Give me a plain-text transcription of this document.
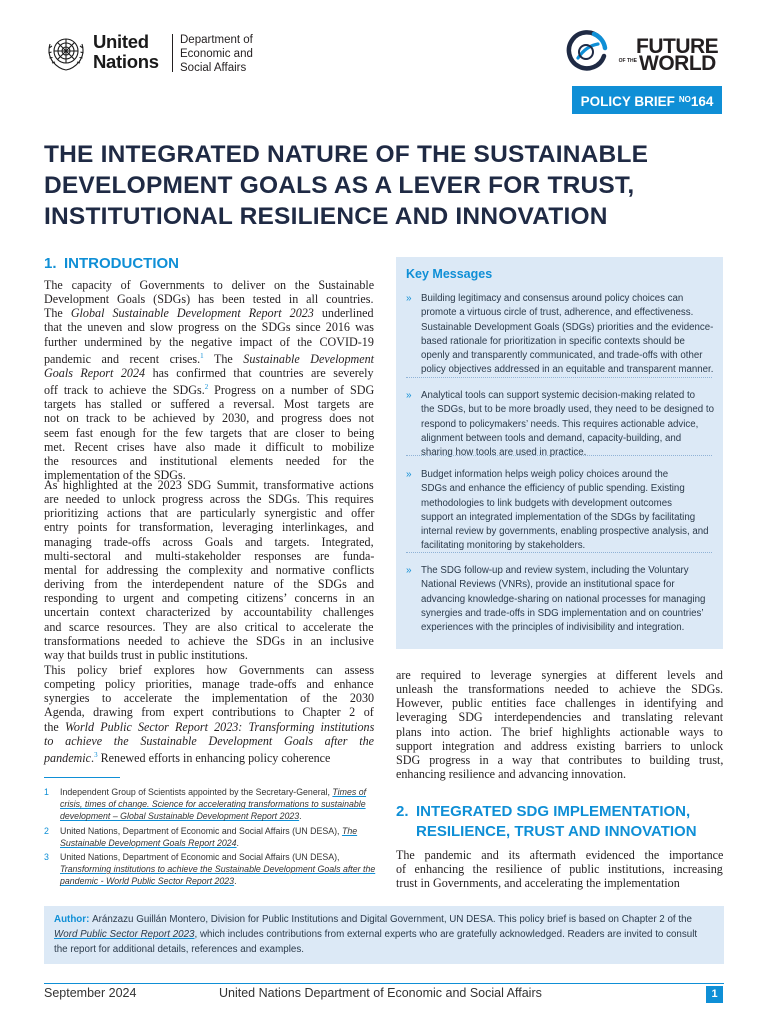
United
Nations
Department of
Economic and
Social Affairs
FUTURE
OF THE WORLD
POLICY BRIEF $^{NO}$164
THE INTEGRATED NATURE OF THE SUSTAINABLE
DEVELOPMENT GOALS AS A LEVER FOR TRUST,
INSTITUTIONAL RESILIENCE AND INNOVATION
1. INTRODUCTION
The capacity of Governments to deliver on the Sustainable
Development Goals (SDGs) has been tested in all countries.
The Global Sustainable Development Report 2023 underlined
that the uneven and slow progress on the SDGs since 2016 was
further undermined by the negative impact of the COVID-19
pandemic and recent crises.$^1$ The Sustainable Development
Goals Report 2024 has confirmed that countries are severely
off track to achieve the SDGs.$^2$ Progress on a number of SDG
targets has stalled or suffered a reversal. Most targets are
not on track to be achieved by 2030, and progress does not
seem fast enough for the few targets that are closer to being
met. Recent crises have also made it difficult to mobilize
the resources and institutional elements needed for the
implementation of the SDGs.
As highlighted at the 2023 SDG Summit, transformative actions
are needed to unlock progress across the SDGs. This requires
prioritizing actions that are particularly synergistic and offer
entry points for transformation, leveraging interlinkages, and
managing trade-offs across Goals and targets. Integrated,
multi-sectoral and multi-stakeholder responses are funda-
mental for addressing the complexity and normative conflicts
deriving from the interdependent nature of the SDGs and
responding to urgent and competing citizens’ concerns in an
uncertain context characterized by accountability challenges
and scarce resources. They are also critical to accelerate the
transformations needed to achieve the SDGs in an inclusive
way that builds trust in public institutions.
This policy brief explores how Governments can assess
competing policy priorities, manage trade-offs and enhance
synergies to accelerate the implementation of the 2030
Agenda, drawing from expert contributions to Chapter 2 of
the World Public Sector Report 2023: Transforming institutions
to achieve the Sustainable Development Goals after the
pandemic.$^3$ Renewed efforts in enhancing policy coherence
are required to leverage synergies at different levels and
unleash the transformations needed to achieve the SDGs.
However, public entities face challenges in identifying and
leveraging SDG interdependencies and translating relevant
plans into action. The brief highlights actionable ways to
support integration and address existing barriers to unlock
SDG progress in a way that contributes to building trust,
enhancing resilience and advancing innovation.
Key Messages
» Building legitimacy and consensus around policy choices can
promote a virtuous circle of trust, adherence, and effectiveness.
Sustainable Development Goals (SDGs) priorities and the evidence-
based rationale for prioritization in specific contexts should be
openly and transparently communicated, and trade-offs with other
policy objectives addressed in an equitable and transparent manner.
» Analytical tools can support systemic decision-making related to
the SDGs, but to be more broadly used, they need to be designed to
respond to policymakers’ needs. This requires actionable advice,
alignment between tools and demand, capacity-building, and
sharing how tools are used in practice.
» Budget information helps weigh policy choices around the
SDGs and enhance the efficiency of public spending. Existing
methodologies to link budgets with development outcomes
support an integrated implementation of the SDGs by facilitating
internal review by governments, enabling prospective analysis, and
facilitating monitoring by stakeholders.
» The SDG follow-up and review system, including the Voluntary
National Reviews (VNRs), provide an institutional space for
advancing knowledge-sharing on national processes for managing
synergies and trade-offs in SDG implementation and on countries’
experiences with the principles of indivisibility and integration.
2. INTEGRATED SDG IMPLEMENTATION,
RESILIENCE, TRUST AND INNOVATION
The pandemic and its aftermath evidenced the importance
of enhancing the resilience of public institutions, increasing
trust in Governments, and accelerating the implementation
1 Independent Group of Scientists appointed by the Secretary-General, Times of
crisis, times of change. Science for accelerating transformations to sustainable
development – Global Sustainable Development Report 2023.
2 United Nations, Department of Economic and Social Affairs (UN DESA), The
Sustainable Development Goals Report 2024.
3 United Nations, Department of Economic and Social Affairs (UN DESA),
Transforming institutions to achieve the Sustainable Development Goals after the
pandemic - World Public Sector Report 2023.
Author: Aránzazu Guillán Montero, Division for Public Institutions and Digital Government, UN DESA. This policy brief is based on Chapter 2 of the
Word Public Sector Report 2023, which includes contributions from external experts who are gratefully acknowledged. Readers are invited to consult
the report for additional details, references and examples.
September 2024	United Nations Department of Economic and Social Affairs	1
